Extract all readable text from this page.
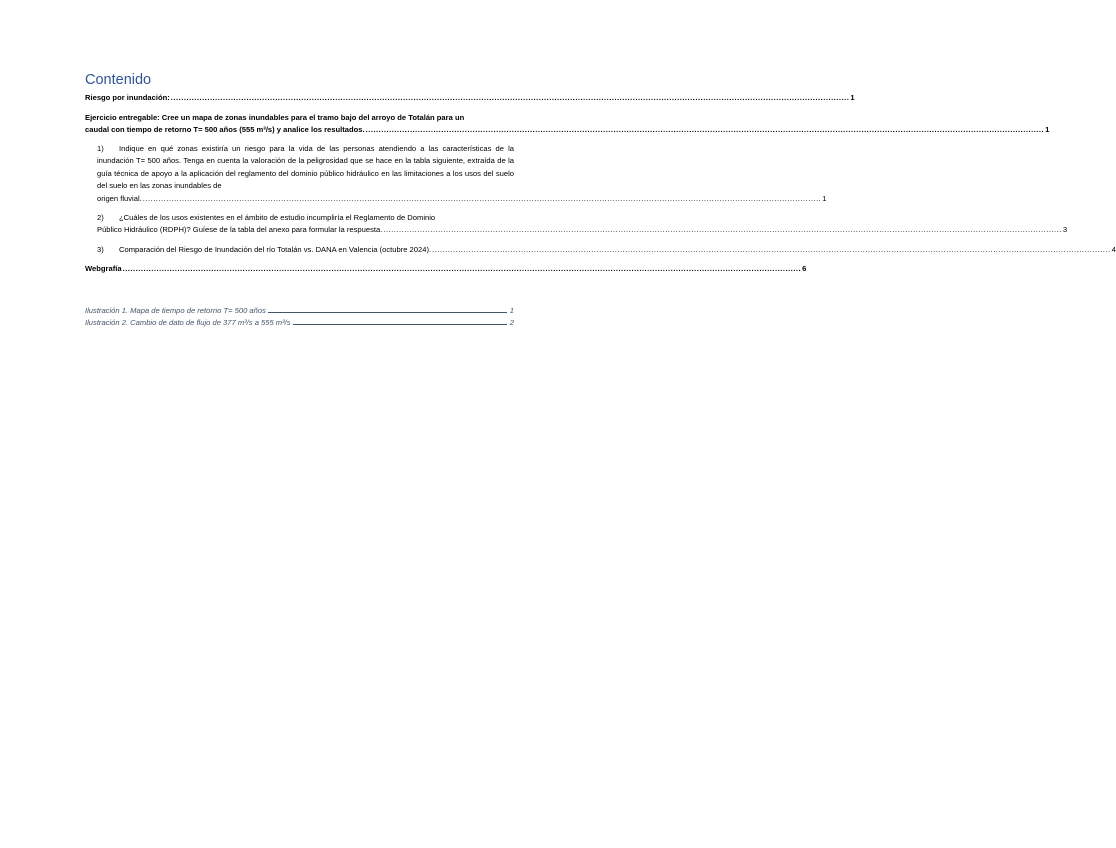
Contenido
Riesgo por inundación: .................................................................................................................................................................................................................................................................... 1
Ejercicio entregable: Cree un mapa de zonas inundables para el tramo bajo del arroyo de Totalán para un
caudal con tiempo de retorno T= 500 años (555 m³/s) y analice los resultados. .................................................................................................................................................................................................................................................................... 1
1) Indique en qué zonas existiría un riesgo para la vida de las personas atendiendo a las características de la inundación T= 500 años. Tenga en cuenta la valoración de la peligrosidad que se hace en la tabla siguiente, extraída de la guía técnica de apoyo a la aplicación del reglamento del dominio público hidráulico en las limitaciones a los usos del suelo del suelo en las zonas inundables de
origen fluvial. .................................................................................................................................................................................................................................................................... 1
2) ¿Cuáles de los usos existentes en el ámbito de estudio incumpliría el Reglamento de Dominio
Público Hidráulico (RDPH)? Guíese de la tabla del anexo para formular la respuesta. .................................................................................................................................................................................................................................................................... 3
3) Comparación del Riesgo de Inundación del río Totalán vs. DANA en Valencia (octubre 2024). .................................................................................................................................................................................................................................................................... 4
Webgrafía .................................................................................................................................................................................................................................................................... 6
Ilustración 1. Mapa de tiempo de retorno T= 500 años	1
Ilustración 2. Cambio de dato de flujo de 377 m³/s a 555 m³/s	2
